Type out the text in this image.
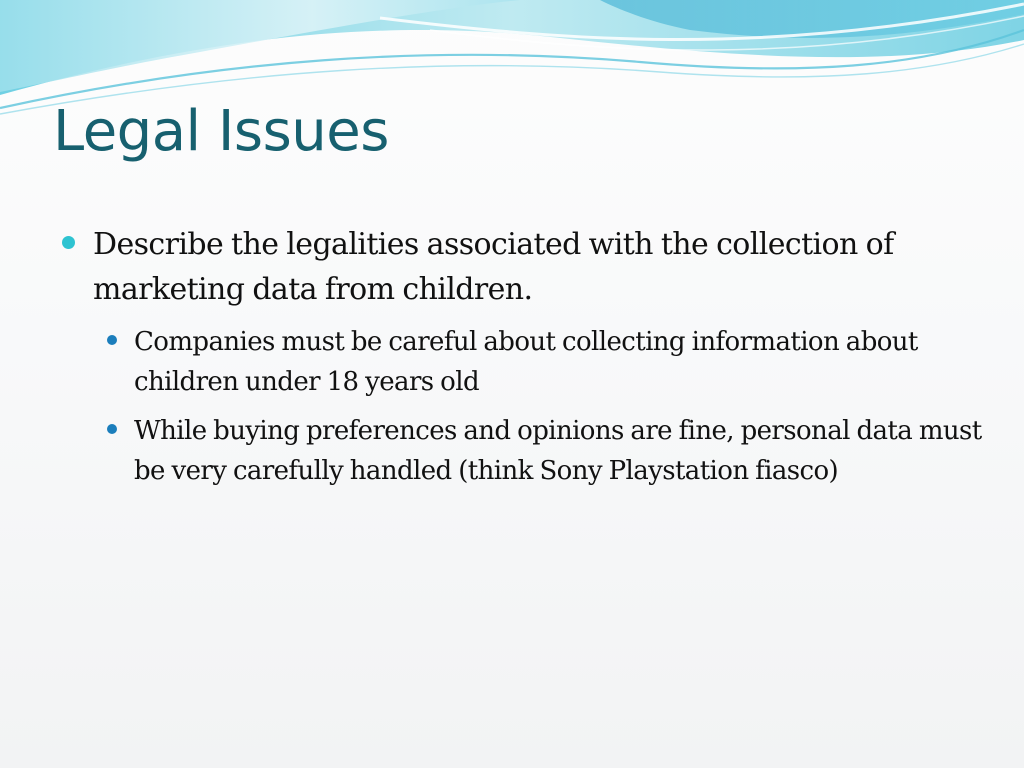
Legal Issues
Describe the legalities associated with the collection of marketing data from children.
Companies must be careful about collecting information about children under 18 years old
While buying preferences and opinions are fine, personal data must be very carefully handled (think Sony Playstation fiasco)
